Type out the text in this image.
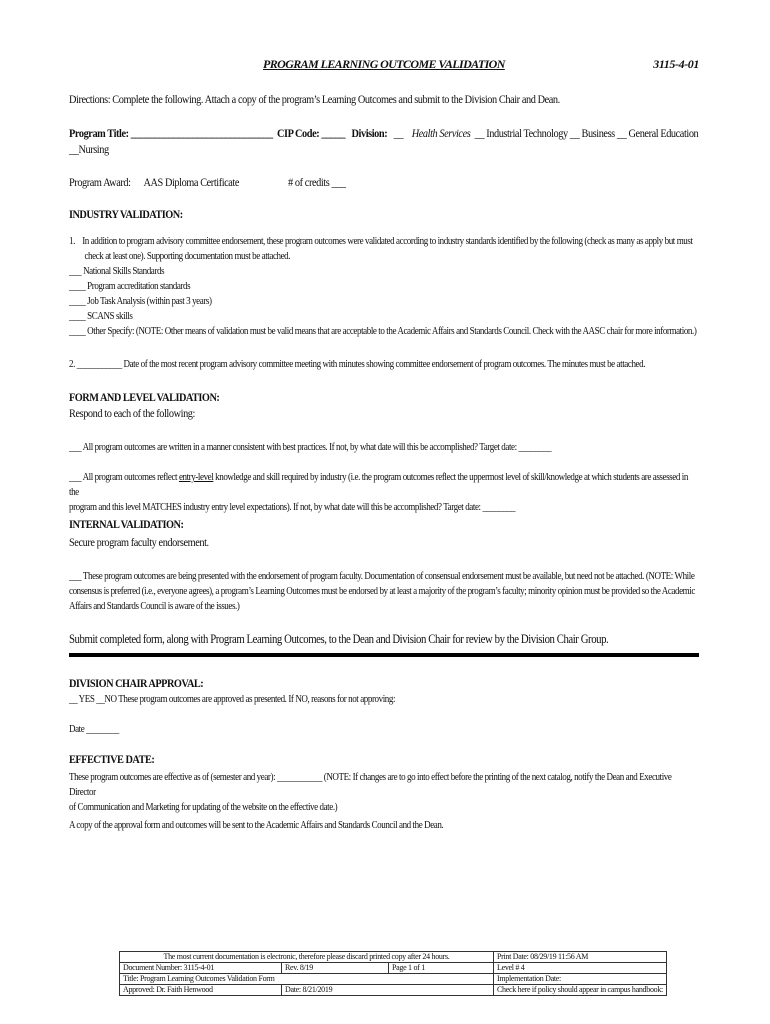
PROGRAM LEARNING OUTCOME VALIDATION	3115-4-01
Directions: Complete the following. Attach a copy of the program’s Learning Outcomes and submit to the Division Chair and Dean.
Program Title: ______________________________ CIP Code: _____ Division: __ Health Services  __ Industrial Technology __ Business __ General Education
__Nursing
Program Award: AAS Diploma Certificate	# of credits ___
INDUSTRY VALIDATION:
1. In addition to program advisory committee endorsement, these program outcomes were validated according to industry standards identified by the following (check as many as apply but must
check at least one). Supporting documentation must be attached.
___ National Skills Standards
____ Program accreditation standards
____ Job Task Analysis (within past 3 years)
____ SCANS skills
____ Other Specify: (NOTE: Other means of validation must be valid means that are acceptable to the Academic Affairs and Standards Council. Check with the AASC chair for more information.)
2. ___________ Date of the most recent program advisory committee meeting with minutes showing committee endorsement of program outcomes. The minutes must be attached.
FORM AND LEVEL VALIDATION:
Respond to each of the following:
___ All program outcomes are written in a manner consistent with best practices. If not, by what date will this be accomplished? Target date: ________
___ All program outcomes reflect entry-level knowledge and skill required by industry (i.e. the program outcomes reflect the uppermost level of skill/knowledge at which students are assessed in the
program and this level MATCHES industry entry level expectations). If not, by what date will this be accomplished? Target date: ________
INTERNAL VALIDATION:
Secure program faculty endorsement.
___ These program outcomes are being presented with the endorsement of program faculty. Documentation of consensual endorsement must be available, but need not be attached. (NOTE: While
consensus is preferred (i.e., everyone agrees), a program’s Learning Outcomes must be endorsed by at least a majority of the program’s faculty; minority opinion must be provided so the Academic
Affairs and Standards Council is aware of the issues.)
Submit completed form, along with Program Learning Outcomes, to the Dean and Division Chair for review by the Division Chair Group.
DIVISION CHAIR APPROVAL:
__ YES __NO These program outcomes are approved as presented. If NO, reasons for not approving:
Date ________
EFFECTIVE DATE:
These program outcomes are effective as of (semester and year): ___________ (NOTE: If changes are to go into effect before the printing of the next catalog, notify the Dean and Executive Director
of Communication and Marketing for updating of the website on the effective date.)
A copy of the approval form and outcomes will be sent to the Academic Affairs and Standards Council and the Dean.
The most current documentation is electronic, therefore please discard printed copy after 24 hours.			Print Date: 08/29/19 11:56 AM
Document Number: 3115-4-01	Rev. 8/19	Page 1 of 1	Level # 4
Title: Program Learning Outcomes Validation Form			Implementation Date:
Approved: Dr. Faith Henwood	Date: 8/21/2019		Check here if policy should appear in campus handbook:
